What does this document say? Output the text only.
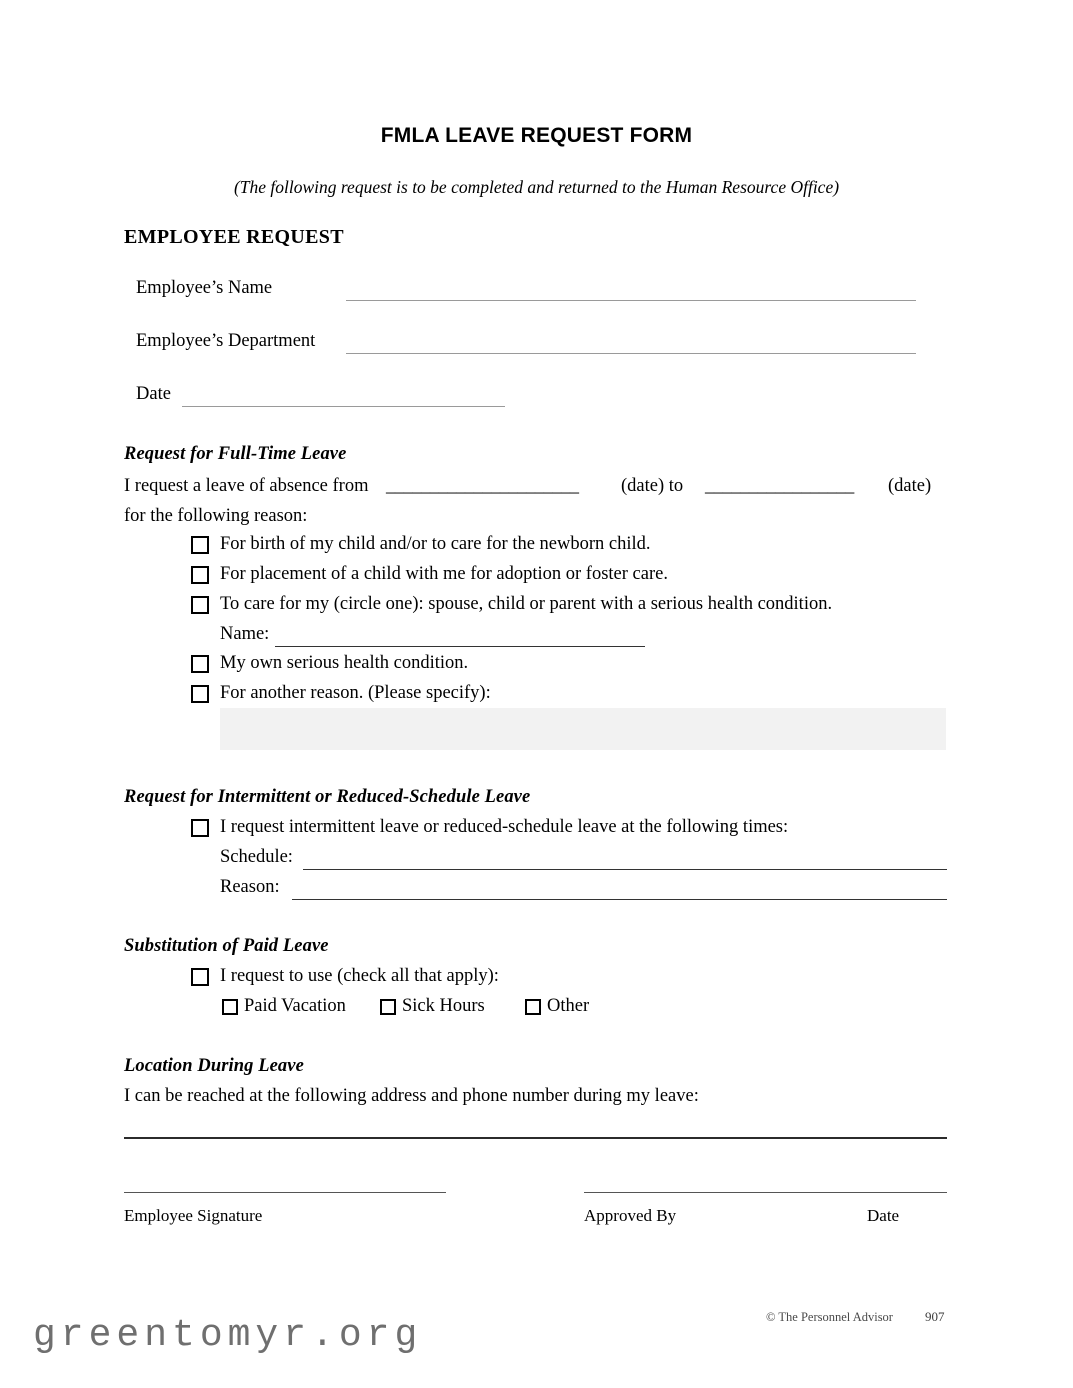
FMLA LEAVE REQUEST FORM
(The following request is to be completed and returned to the Human Resource Office)
EMPLOYEE REQUEST
Employee’s Name
Employee’s Department
Date
Request for Full-Time Leave
I request a leave of absence from ______________________ (date) to _________________ (date)
for the following reason:
For birth of my child and/or to care for the newborn child.
For placement of a child with me for adoption or foster care.
To care for my (circle one): spouse, child or parent with a serious health condition.
Name:
My own serious health condition.
For another reason. (Please specify):
Request for Intermittent or Reduced-Schedule Leave
I request intermittent leave or reduced-schedule leave at the following times:
Schedule:
Reason:
Substitution of Paid Leave
I request to use (check all that apply):
Paid Vacation	Sick Hours	Other
Location During Leave
I can be reached at the following address and phone number during my leave:
Employee Signature	Approved By	Date
© The Personnel Advisor 907
greentomyr.org
